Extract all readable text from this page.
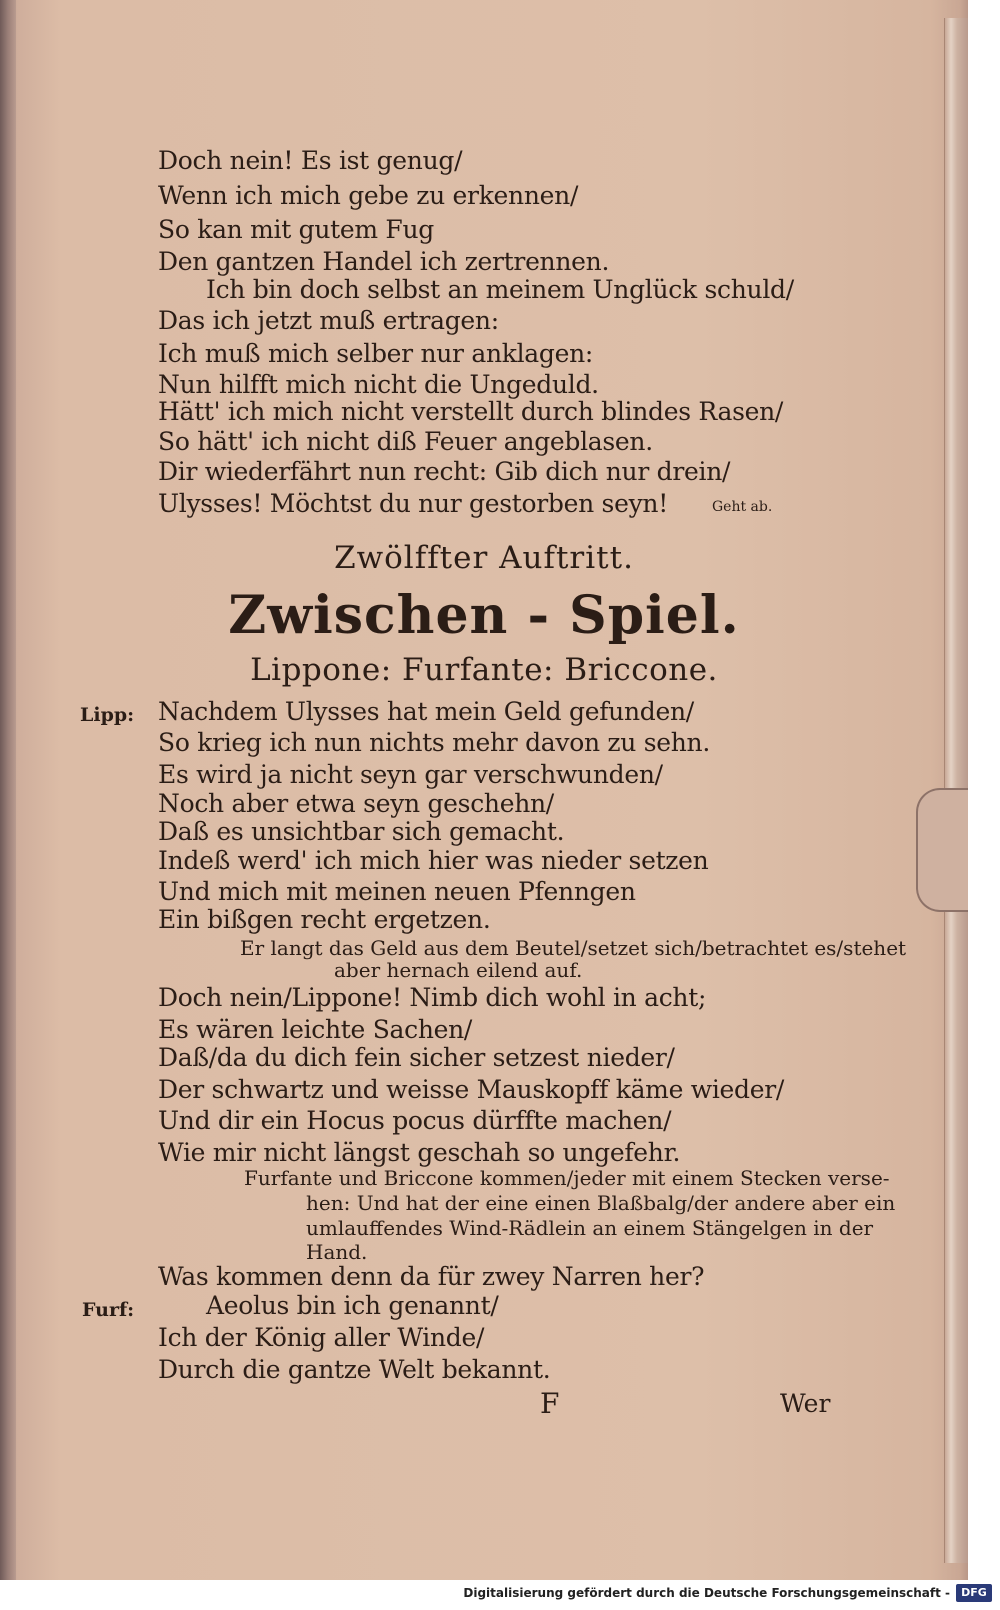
Doch nein! Es ist genug/
Wenn ich mich gebe zu erkennen/
So kan mit gutem Fug
Den gantzen Handel ich zertrennen.
Ich bin doch selbst an meinem Unglück schuld/
Das ich jetzt muß ertragen:
Ich muß mich selber nur anklagen:
Nun hilfft mich nicht die Ungeduld.
Hätt' ich mich nicht verstellt durch blindes Rasen/
So hätt' ich nicht diß Feuer angeblasen.
Dir wiederfährt nun recht: Gib dich nur drein/
Ulysses! Möchtst du nur gestorben seyn!	Geht ab.
Zwölffter Auftritt.
Zwischen - Spiel.
Lippone: Furfante: Briccone.
Lipp: Nachdem Ulysses hat mein Geld gefunden/
So krieg ich nun nichts mehr davon zu sehn.
Es wird ja nicht seyn gar verschwunden/
Noch aber etwa seyn geschehn/
Daß es unsichtbar sich gemacht.
Indeß werd' ich mich hier was nieder setzen
Und mich mit meinen neuen Pfenngen
Ein bißgen recht ergetzen.
Er langt das Geld aus dem Beutel/setzet sich/betrachtet es/stehet
aber hernach eilend auf.
Doch nein/Lippone! Nimb dich wohl in acht;
Es wären leichte Sachen/
Daß/da du dich fein sicher setzest nieder/
Der schwartz und weisse Mauskopff käme wieder/
Und dir ein Hocus pocus dürffte machen/
Wie mir nicht längst geschah so ungefehr.
Furfante und Briccone kommen/jeder mit einem Stecken verse-
hen: Und hat der eine einen Blaßbalg/der andere aber ein
umlauffendes Wind-Rädlein an einem Stängelgen in der
Hand.
Was kommen denn da für zwey Narren her?
Furf:	Aeolus bin ich genannt/
Ich der König aller Winde/
Durch die gantze Welt bekannt.
F	Wer
Digitalisierung gefördert durch die Deutsche Forschungsgemeinschaft -	DFG
